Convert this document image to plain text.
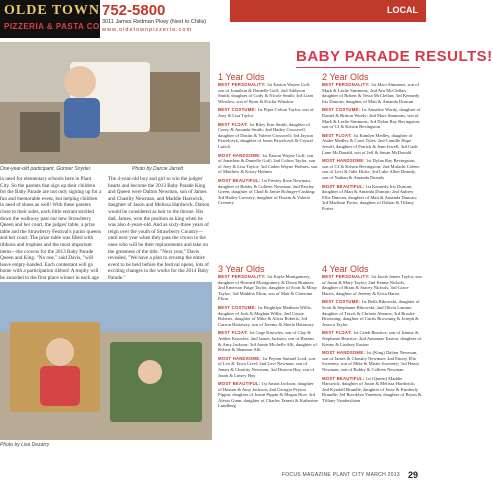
OLDE TOWN
PIZZERIA & PASTA CO
752-5800
3011 James Redman Pkwy (Next to Chilis)
www.oldetownpizzeria.com
LOCAL
BABY PARADE RESULTS!
One-year-old participant, Gunner Snyder.	Photo by Darcie Jarrett
in need for elementary schools here in Plant City. So the parents that sign up their children for the Baby Parade are not only signing up for a fun and memorable event, but helping children in need of shoes as well! With these parents close to their sides, each little entrant strolled down the walkway past our new Strawberry Queen and her court, the judges' table, a prize table and the Strawberry Festival's junior queens and her court. The prize table was filled with ribbons and trophies and the most important items—the crowns for the 2013 Baby Parade Queen and King. "No one," said Davis, "will leave empty-handed. Each contestant will go home with a participation ribbon! A trophy will be awarded to the first place winner in each age
The 4-year-old boy and girl to win the judges' hearts and become the 2013 Baby Parade King and Queen were Dalton Newman, son of James and Chastity Newman, and Maddie Harswick, daughter of Jason and Melissa Hardwick. Dalton would be considered as heir to the throne. His dad, James, won the position as king when he was also 4-years-old. And as sixty-three years of reign over the youth of Strawberry Country—until next year when they pass the crown to the ones who will be their replacements and take on the greatness of the title. "Next year," Davis revealed, "We have a plan to revamp the entire event to be held before the festival opens, lots of exciting changes in the works for the 2014 Baby Parade."
Photo by Lisa Dezarry
1 Year Olds
BEST PERSONALITY: 1st Easton Wayne Goff, son of Jonathon & Danielle Goff; 2nd Addyson Smith, daughter of Cody & Nicole Smith; 3rd Liam Winslow, son of Ryan & Ericka Winslow
BEST COSTUME: 1st Piper Colton Taylor, son of Joey & Lisa Taylor
BEST FLOAT: 1st Riley Erin Smith, daughter of Corey & Amanda Smith; 2nd Hailey Crosswell, daughter of Dustin & Valerie Crosswell; 3rd Jayson Pawelczyk, daughter of Jason Pawelczyk & Crystal Lutich
MOST HANDSOME: 1st Easton Wayne Goff, son of Jonathon & Danielle Goff; 2nd Colton Taylor, son of Joey & Lisa Taylor; 3rd Caden Wayne Holmes, son of Matthew & Kristy Holmes
MOST BEAUTIFUL: 1st Presley Rose Newman, daughter of Bobby & Colleen Newman; 2nd Paisley Green, daughter of Chad & Jamie Bolinger-Cushing; 3rd Hailey Cressery, daughter of Dustin & Valerie Cressery
2 Year Olds
BEST PERSONALITY: 1st Maci Simmons, son of Mark & Leslie Simmons; 2nd Ava McClellan, daughter of Robert & Tessa McClellan; 3rd Kennedy Iris Duncan, daughter of Matt & Amanda Duncan
BEST COSTUME: 1st Annalise Wordy, daughter of Daniel & Britton Wordy; 2nd Maci Simmons, son of Mark & Leslie Simmons; 3rd Dylan Ray Bevingston, son of CJ & Kristin Bevingston
BEST FLOAT: 1st Kamlyn Medley, daughter of Andre Medley & Cassi Tyler; 2nd Camille Hope Jewell, daughter of Patrick & Jenn Jewell; 3rd Cade Lane McDonald, son of Jeff & Susan McDonald
MOST HANDSOME: 1st Dylan Ray Bevingston, son of CJ & Kristin Bevingston; 2nd Malachi Cohen, son of Levi & Julie Hicks; 3rd Luke Allen Deaudy, son of Nathan & Amanda Deaudy
MOST BEAUTIFUL: 1st Kennedy Iris Duncan, daughter of Matt & Amanda Duncan; 2nd Aubrey Ellis Duncan, daughter of Matt & Amanda Duncan; 3rd Madison Porter, daughter of Dalton & Tiffany Porter
3 Year Olds
BEST PERSONALITY: 1st Kayla Montgomery, daughter of Howard Montgomery & Dawn Brunner; 2nd Emerson Paige Taylor, daughter of Scott & Misty Taylor; 3rd Maddox Elton, son of Matt & Christina Elton
BEST COSTUME: 1st Brightlyn Madison Willis, daughter of Josh & Meghan Willis; 2nd Cassie Roberts, daughter of Mike & Alicia Roberts; 3rd Carson Hattaway, son of Jeremy & Sheila Hattaway
BEST FLOAT: 1st Gage Knowles, son of Clay & Amber Knowles; 2nd James Jackson, son of Hassan & Amy Jackson; 3rd Annie Michelle Alli, daughter of Robert & Shannon Alli
MOST HANDSOME: 1st Peyton Samuel Lord, son of Leo & Tawa Creel; 2nd Levi Newman, son of James & Chastity Newman; 3rd Deacon Hay, son of Jason & Linsey Hay
MOST BEAUTIFUL: 1st Amari Jackson, daughter of Hassan & Amy Jackson; 2nd Georgia Peyton Pippin, daughter of Justin Pippin & Megan Rice; 3rd Alexis Gunn, daughter of Charles Tarnett & Katherine Lundberg
4 Year Olds
BEST PERSONALITY: 1st Jacob James Taylor, son of Jason & Mary Taylor; 2nd Kenna Nichols, daughter of Brian & Stacey Nichols; 3rd Grace Harris, daughter of Jeremy & Erica Harris
BEST COSTUME: 1st Bella Bikowski, daughter of Scott & Stephanie Bikowski; 2nd Olivia Lamine, daughter of Travis & Christie Abrams; 3rd Brooke Browning, daughter of Curtis Browning & Joseph & Jessica Taylor
BEST FLOAT: 1st Caleb Beatrice, son of Jimmy & Stephanie Beatrice; 2nd Annamae Easton, daughter of Kenny & Lindsey Easton
MOST HANDSOME: 1st (King) Dalton Newman, son of James & Chastity Newman; 2nd Emery Ello Sweeney, son of Mike & Mistie Sweeney; 3rd Henry Newman, son of Bobby & Colleen Newman
MOST BEAUTIFUL: 1st (Queen) Maddie Harswick, daughter of Jason & Melissa Hardwick; 2nd Kyndall Brundle, daughter of Jesse & Kimberly Brundle; 3rd Brooklyn Vanetten, daughter of Bryan & Tiffany Vanderslaien
FOCUS MAGAZINE PLANT CITY MARCH 2013 29
